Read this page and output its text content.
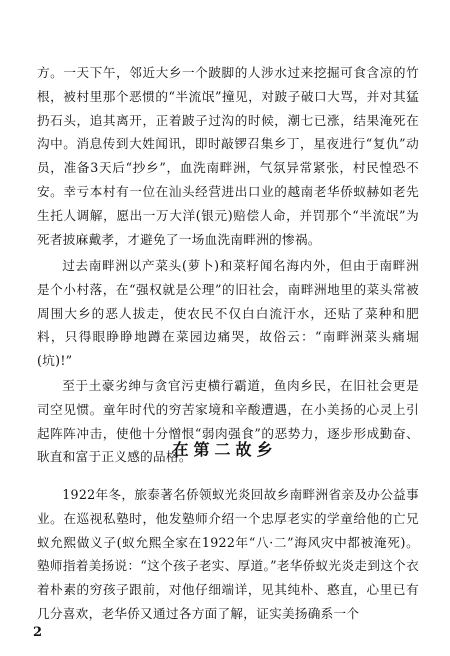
方。一天下午，邻近大乡一个跛脚的人涉水过来挖掘可食含凉的竹根，被村里那个恶惯的“半流氓”撞见，对跛子破口大骂，并对其猛扔石头，追其离开，正着跛子过沟的时候，潮七已涨，结果淹死在沟中。消息传到大姓闻讯，即时敲锣召集乡丁，星夜进行“复仇”动员，准备3天后“抄乡”，血洗南畔洲，气氛异常紧张，村民惶恐不安。幸亏本村有一位在汕头经营进出口业的越南老华侨蚁赫如老先生托人调解，愿出一万大洋(银元)赔偿人命，并罚那个“半流氓”为死者披麻戴孝，才避免了一场血洗南畔洲的惨祸。

过去南畔洲以产菜头(萝卜)和菜籽闻名海内外，但由于南畔洲是个小村落，在“强权就是公理”的旧社会，南畔洲地里的菜头常被周围大乡的恶人拔走，使农民不仅白白流汗水，还贴了菜种和肥料，只得眼睁睁地蹲在菜园边痛哭，故俗云：“南畔洲菜头痛堀(坑)!”

至于土豪劣绅与贪官污吏横行霸道，鱼肉乡民，在旧社会更是司空见惯。童年时代的穷苦家境和辛酸遭遇，在小美扬的心灵上引起阵阵冲击，使他十分憎恨“弱肉强食”的恶势力，逐步形成勤奋、耿直和富于正义感的品格。

在第二故乡

1922年冬，旅泰著名侨领蚁光炎回故乡南畔洲省亲及办公益事业。在巡视私塾时，他发塾师介绍一个忠厚老实的学童给他的亡兄蚁允熙做义子(蚁允熙全家在1922年“八·二”海风灾中都被淹死)。塾师指着美扬说：“这个孩子老实、厚道。”老华侨蚁光炎走到这个衣着朴素的穷孩子跟前，对他仔细端详，见其纯朴、憨直，心里已有几分喜欢，老华侨又通过各方面了解，证实美扬确系一个

2
